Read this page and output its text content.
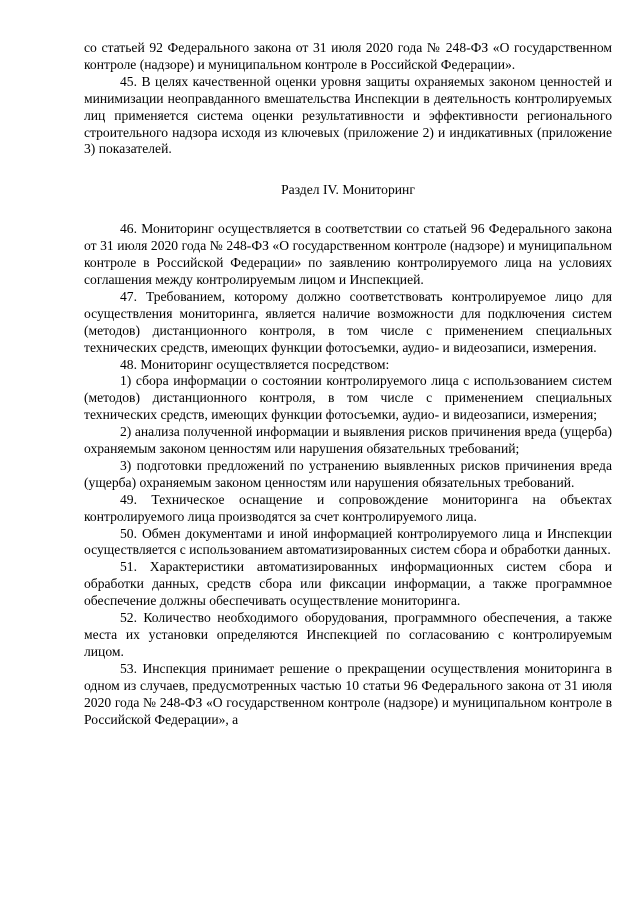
со статьей 92 Федерального закона от 31 июля 2020 года № 248-ФЗ «О государственном контроле (надзоре) и муниципальном контроле в Российской Федерации».

45. В целях качественной оценки уровня защиты охраняемых законом ценностей и минимизации неоправданного вмешательства Инспекции в деятельность контролируемых лиц применяется система оценки результативности и эффективности регионального строительного надзора исходя из ключевых (приложение 2) и индикативных (приложение 3) показателей.

Раздел IV. Мониторинг

46. Мониторинг осуществляется в соответствии со статьей 96 Федерального закона от 31 июля 2020 года № 248-ФЗ «О государственном контроле (надзоре) и муниципальном контроле в Российской Федерации» по заявлению контролируемого лица на условиях соглашения между контролируемым лицом и Инспекцией.

47. Требованием, которому должно соответствовать контролируемое лицо для осуществления мониторинга, является наличие возможности для подключения систем (методов) дистанционного контроля, в том числе с применением специальных технических средств, имеющих функции фотосъемки, аудио- и видеозаписи, измерения.

48. Мониторинг осуществляется посредством:

1) сбора информации о состоянии контролируемого лица с использованием систем (методов) дистанционного контроля, в том числе с применением специальных технических средств, имеющих функции фотосъемки, аудио- и видеозаписи, измерения;

2) анализа полученной информации и выявления рисков причинения вреда (ущерба) охраняемым законом ценностям или нарушения обязательных требований;

3) подготовки предложений по устранению выявленных рисков причинения вреда (ущерба) охраняемым законом ценностям или нарушения обязательных требований.

49. Техническое оснащение и сопровождение мониторинга на объектах контролируемого лица производятся за счет контролируемого лица.

50. Обмен документами и иной информацией контролируемого лица и Инспекции осуществляется с использованием автоматизированных систем сбора и обработки данных.

51. Характеристики автоматизированных информационных систем сбора и обработки данных, средств сбора или фиксации информации, а также программное обеспечение должны обеспечивать осуществление мониторинга.

52. Количество необходимого оборудования, программного обеспечения, а также места их установки определяются Инспекцией по согласованию с контролируемым лицом.

53. Инспекция принимает решение о прекращении осуществления мониторинга в одном из случаев, предусмотренных частью 10 статьи 96 Федерального закона от 31 июля 2020 года № 248-ФЗ «О государственном контроле (надзоре) и муниципальном контроле в Российской Федерации», а
